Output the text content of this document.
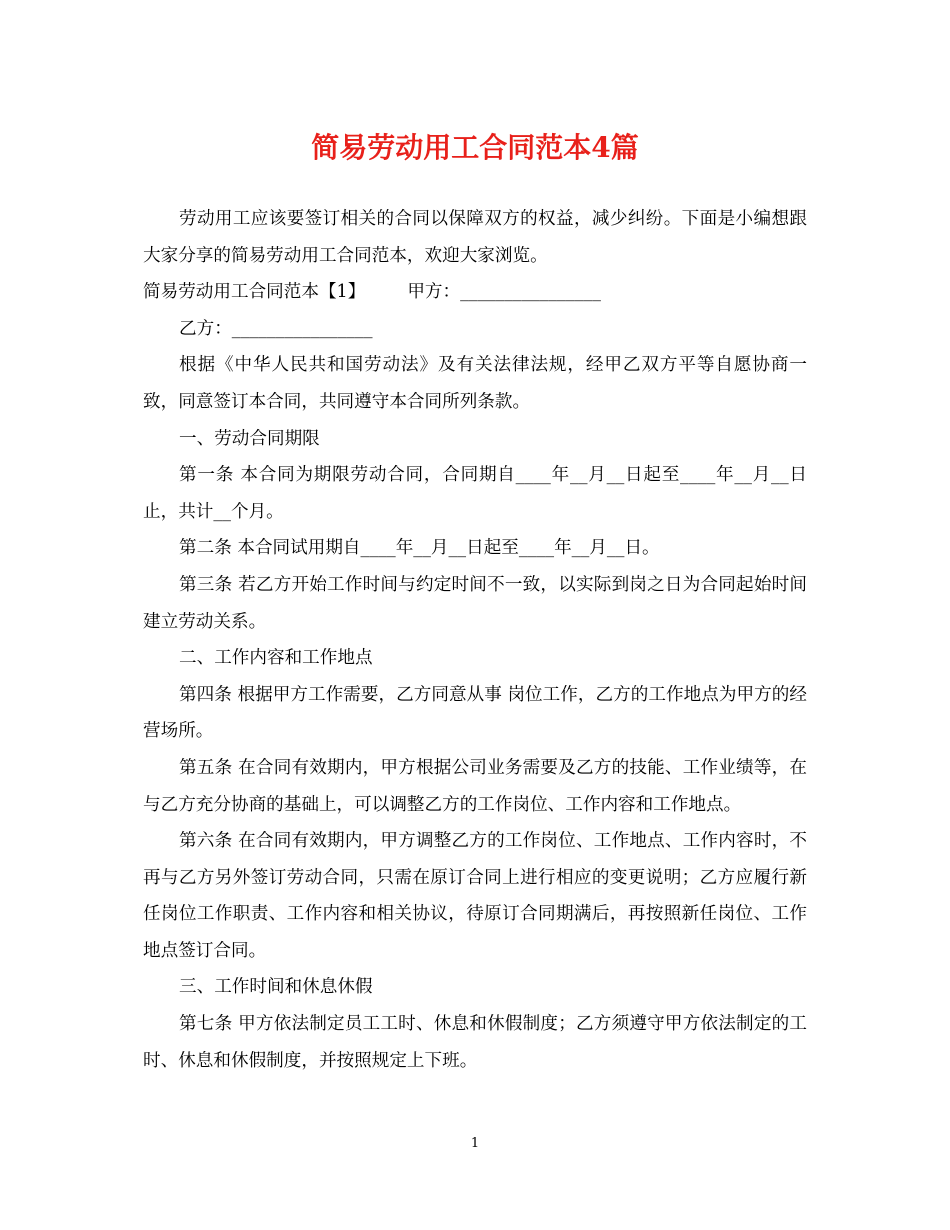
简易劳动用工合同范本4篇

劳动用工应该要签订相关的合同以保障双方的权益，减少纠纷。下面是小编想跟大家分享的简易劳动用工合同范本，欢迎大家浏览。

简易劳动用工合同范本【1】 甲方：________________

乙方：________________

根据《中华人民共和国劳动法》及有关法律法规，经甲乙双方平等自愿协商一致，同意签订本合同，共同遵守本合同所列条款。

一、劳动合同期限

第一条 本合同为期限劳动合同，合同期自____年__月__日起至____年__月__日止，共计__个月。

第二条 本合同试用期自____年__月__日起至____年__月__日。

第三条 若乙方开始工作时间与约定时间不一致，以实际到岗之日为合同起始时间建立劳动关系。

二、工作内容和工作地点

第四条 根据甲方工作需要，乙方同意从事 岗位工作，乙方的工作地点为甲方的经营场所。

第五条 在合同有效期内，甲方根据公司业务需要及乙方的技能、工作业绩等，在与乙方充分协商的基础上，可以调整乙方的工作岗位、工作内容和工作地点。

第六条 在合同有效期内，甲方调整乙方的工作岗位、工作地点、工作内容时，不再与乙方另外签订劳动合同，只需在原订合同上进行相应的变更说明；乙方应履行新任岗位工作职责、工作内容和相关协议，待原订合同期满后，再按照新任岗位、工作地点签订合同。

三、工作时间和休息休假

第七条 甲方依法制定员工工时、休息和休假制度；乙方须遵守甲方依法制定的工时、休息和休假制度，并按照规定上下班。

1
